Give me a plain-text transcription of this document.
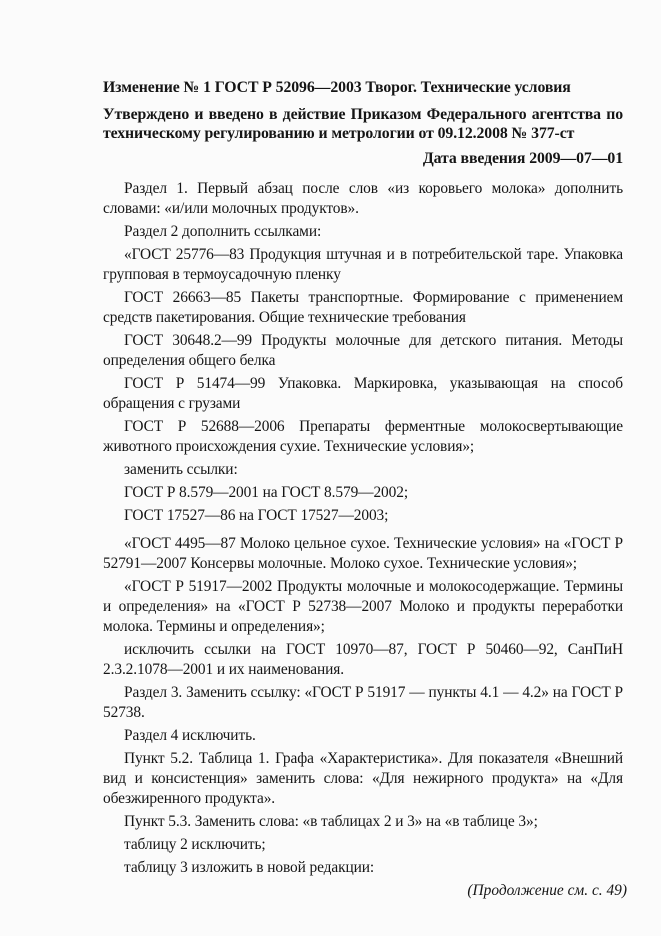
Изменение № 1 ГОСТ Р 52096—2003 Творог. Технические условия

Утверждено и введено в действие Приказом Федерального агентства по техническому регулированию и метрологии от 09.12.2008 № 377-ст

Дата введения 2009—07—01

Раздел 1. Первый абзац после слов «из коровьего молока» дополнить словами: «и/или молочных продуктов».

Раздел 2 дополнить ссылками:

«ГОСТ 25776—83 Продукция штучная и в потребительской таре. Упаковка групповая в термоусадочную пленку

ГОСТ 26663—85 Пакеты транспортные. Формирование с применением средств пакетирования. Общие технические требования

ГОСТ 30648.2—99 Продукты молочные для детского питания. Методы определения общего белка

ГОСТ Р 51474—99 Упаковка. Маркировка, указывающая на способ обращения с грузами

ГОСТ Р 52688—2006 Препараты ферментные молокосвертывающие животного происхождения сухие. Технические условия»;

заменить ссылки:

ГОСТ Р 8.579—2001 на ГОСТ 8.579—2002;

ГОСТ 17527—86 на ГОСТ 17527—2003;

«ГОСТ 4495—87 Молоко цельное сухое. Технические условия» на «ГОСТ Р 52791—2007 Консервы молочные. Молоко сухое. Технические условия»;

«ГОСТ Р 51917—2002 Продукты молочные и молокосодержащие. Термины и определения» на «ГОСТ Р 52738—2007 Молоко и продукты переработки молока. Термины и определения»;

исключить ссылки на ГОСТ 10970—87, ГОСТ Р 50460—92, СанПиН 2.3.2.1078—2001 и их наименования.

Раздел 3. Заменить ссылку: «ГОСТ Р 51917 — пункты 4.1 — 4.2» на ГОСТ Р 52738.

Раздел 4 исключить.

Пункт 5.2. Таблица 1. Графа «Характеристика». Для показателя «Внешний вид и консистенция» заменить слова: «Для нежирного продукта» на «Для обезжиренного продукта».

Пункт 5.3. Заменить слова: «в таблицах 2 и 3» на «в таблице 3»;

таблицу 2 исключить;

таблицу 3 изложить в новой редакции:

(Продолжение см. с. 49)
